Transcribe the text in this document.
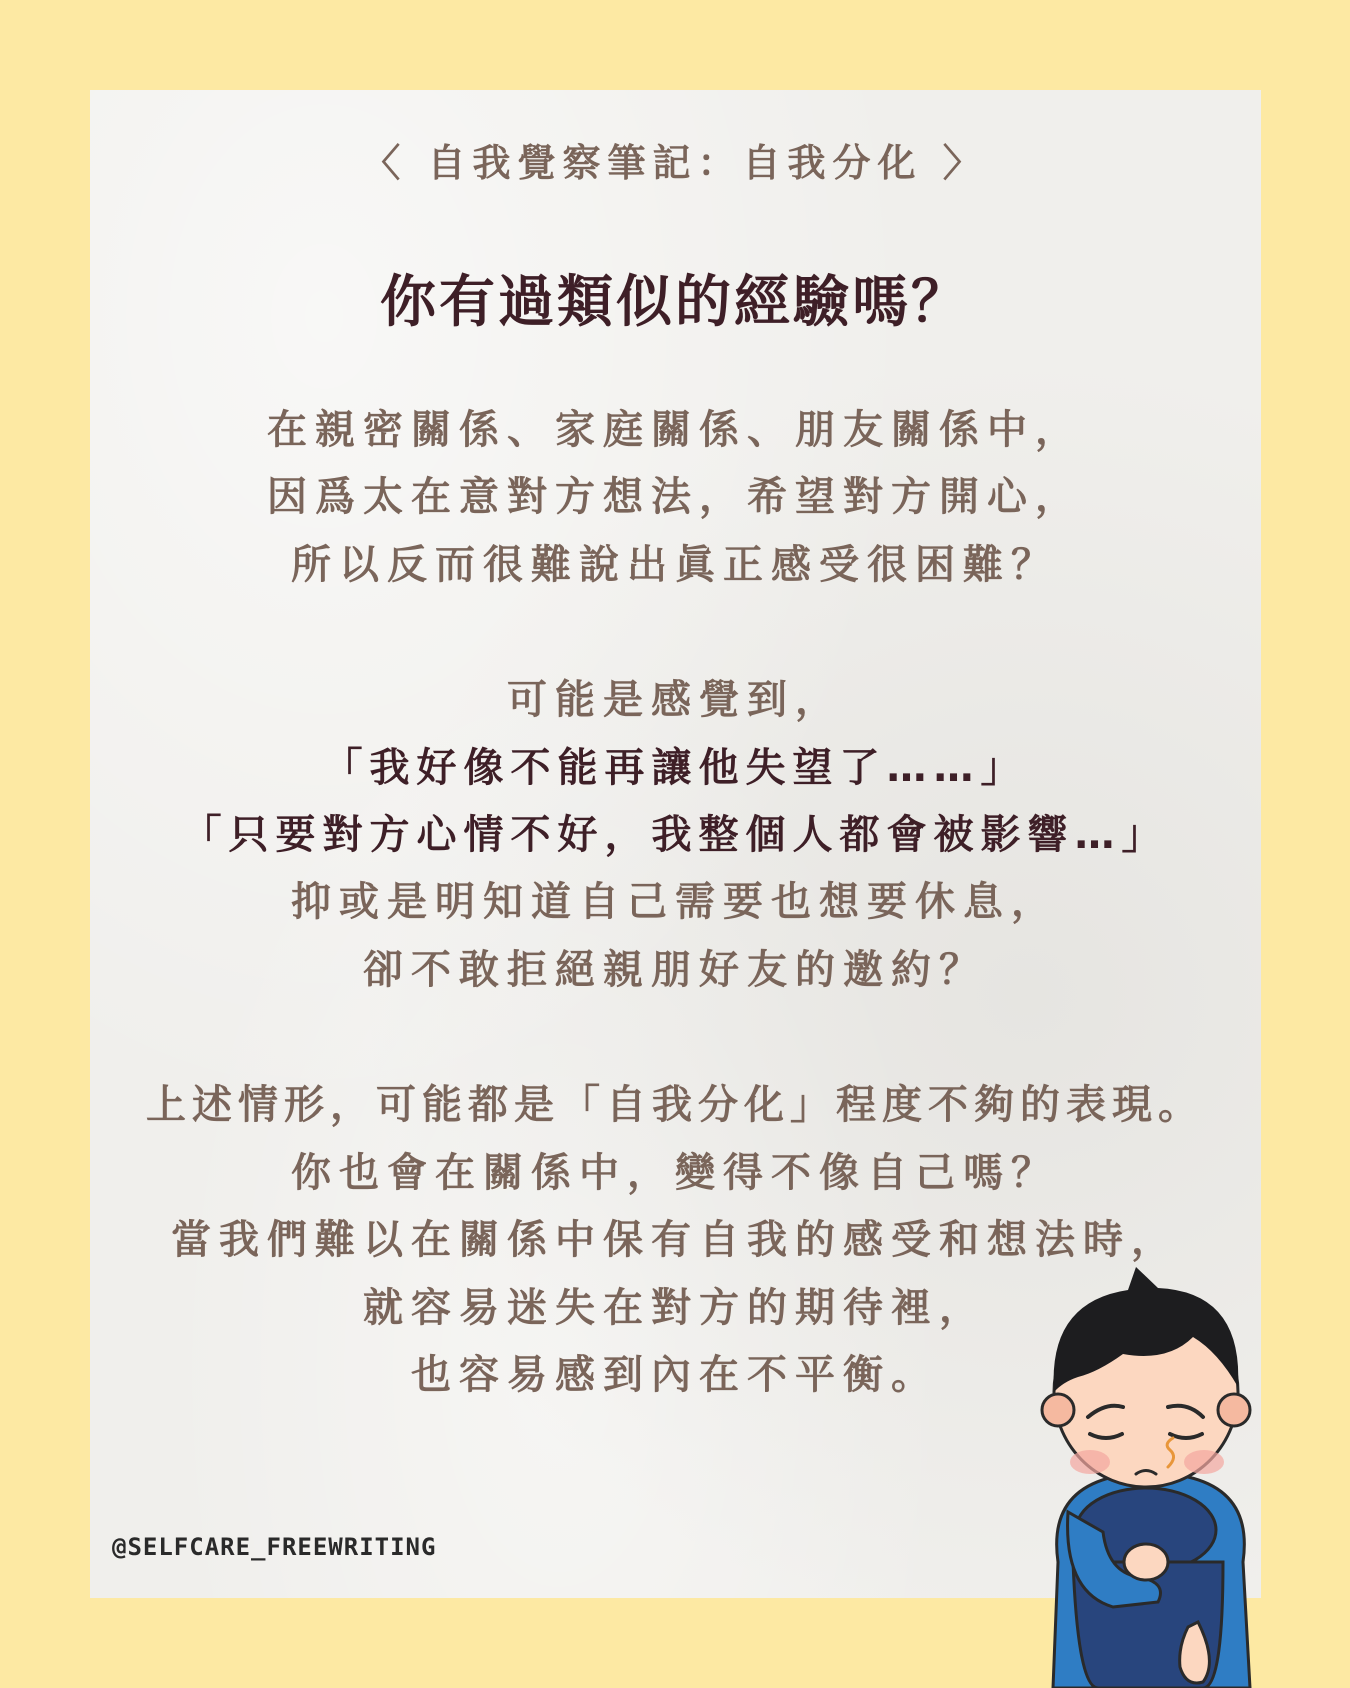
〈 自我覺察筆記：自我分化 〉
你有過類似的經驗嗎？
在親密關係、家庭關係、朋友關係中，
因爲太在意對方想法，希望對方開心，
所以反而很難說出眞正感受很困難？
可能是感覺到，
「我好像不能再讓他失望了……」
「只要對方心情不好，我整個人都會被影響…」
抑或是明知道自己需要也想要休息，
卻不敢拒絕親朋好友的邀約？
上述情形，可能都是「自我分化」程度不夠的表現。
你也會在關係中，變得不像自己嗎？
當我們難以在關係中保有自我的感受和想法時，
就容易迷失在對方的期待裡，
也容易感到內在不平衡。
@SELFCARE_FREEWRITING
